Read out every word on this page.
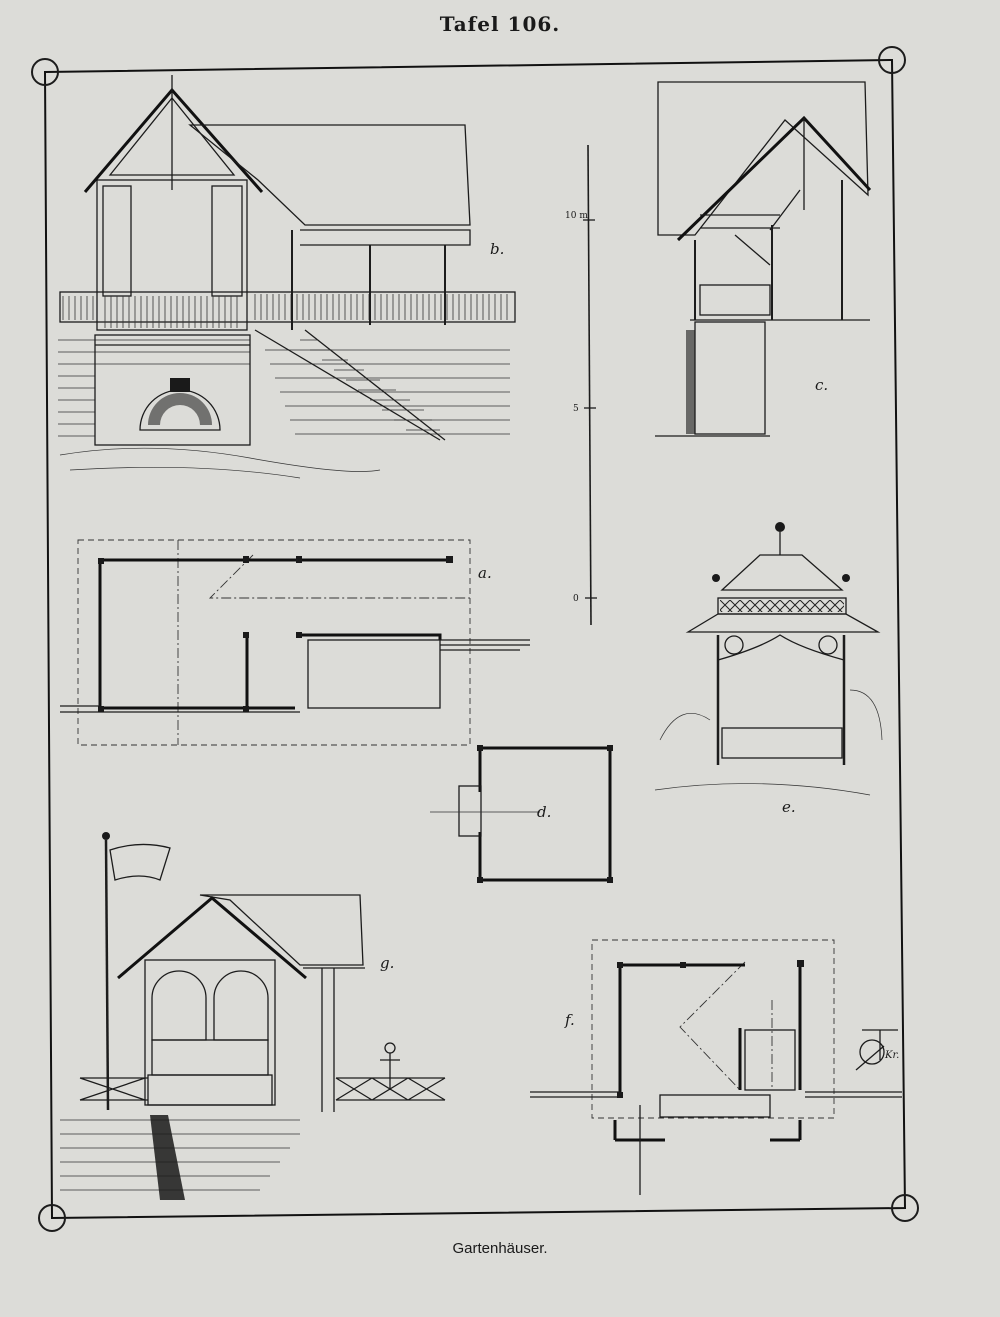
Tafel 106.
10 m
5
0
b.
c.
a.
e.
d.
g.
f.
Kr.
Gartenhäuser.
